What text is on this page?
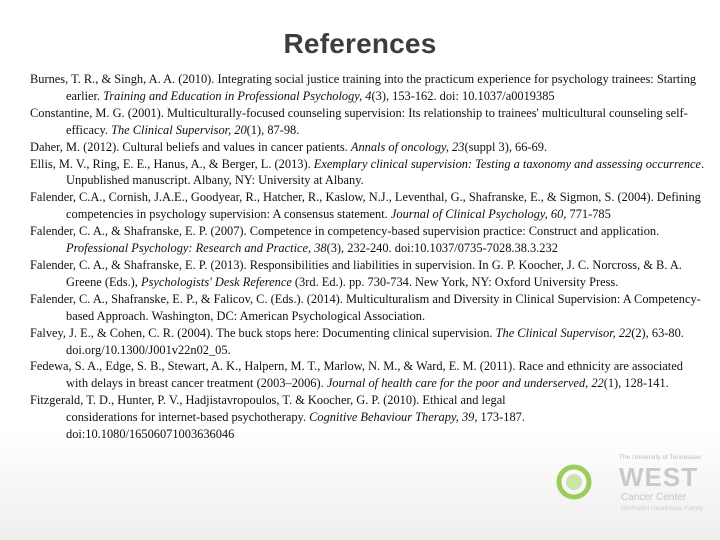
References

Burnes, T. R., & Singh, A. A. (2010). Integrating social justice training into the practicum experience for psychology trainees: Starting earlier. Training and Education in Professional Psychology, 4(3), 153-162. doi: 10.1037/a0019385

Constantine, M. G. (2001). Multiculturally-focused counseling supervision: Its relationship to trainees' multicultural counseling self-efficacy. The Clinical Supervisor, 20(1), 87-98.

Daher, M. (2012). Cultural beliefs and values in cancer patients. Annals of oncology, 23(suppl 3), 66-69.

Ellis, M. V., Ring, E. E., Hanus, A., & Berger, L. (2013). Exemplary clinical supervision: Testing a taxonomy and assessing occurrence. Unpublished manuscript. Albany, NY: University at Albany.

Falender, C.A., Cornish, J.A.E., Goodyear, R., Hatcher, R., Kaslow, N.J., Leventhal, G., Shafranske, E., & Sigmon, S. (2004). Defining competencies in psychology supervision: A consensus statement. Journal of Clinical Psychology, 60, 771-785

Falender, C. A., & Shafranske, E. P. (2007). Competence in competency-based supervision practice: Construct and application. Professional Psychology: Research and Practice, 38(3), 232-240. doi:10.1037/0735-7028.38.3.232

Falender, C. A., & Shafranske, E. P. (2013). Responsibilities and liabilities in supervision. In G. P. Koocher, J. C. Norcross, & B. A. Greene (Eds.), Psychologists' Desk Reference (3rd. Ed.). pp. 730-734. New York, NY: Oxford University Press.

Falender, C. A., Shafranske, E. P., & Falicov, C. (Eds.). (2014). Multiculturalism and Diversity in Clinical Supervision: A Competency-based Approach. Washington, DC: American Psychological Association.

Falvey, J. E., & Cohen, C. R. (2004). The buck stops here: Documenting clinical supervision. The Clinical Supervisor, 22(2), 63-80. doi.org/10.1300/J001v22n02_05.

Fedewa, S. A., Edge, S. B., Stewart, A. K., Halpern, M. T., Marlow, N. M., & Ward, E. M. (2011). Race and ethnicity are associated with delays in breast cancer treatment (2003–2006). Journal of health care for the poor and underserved, 22(1), 128-141.

Fitzgerald, T. D., Hunter, P. V., Hadjistavropoulos, T. & Koocher, G. P. (2010). Ethical and legal considerations for internet-based psychotherapy. Cognitive Behaviour Therapy, 39, 173-187. doi:10.1080/16506071003636046

The University of Tennessee
WEST
Cancer Center
Methodist Healthcare Family
